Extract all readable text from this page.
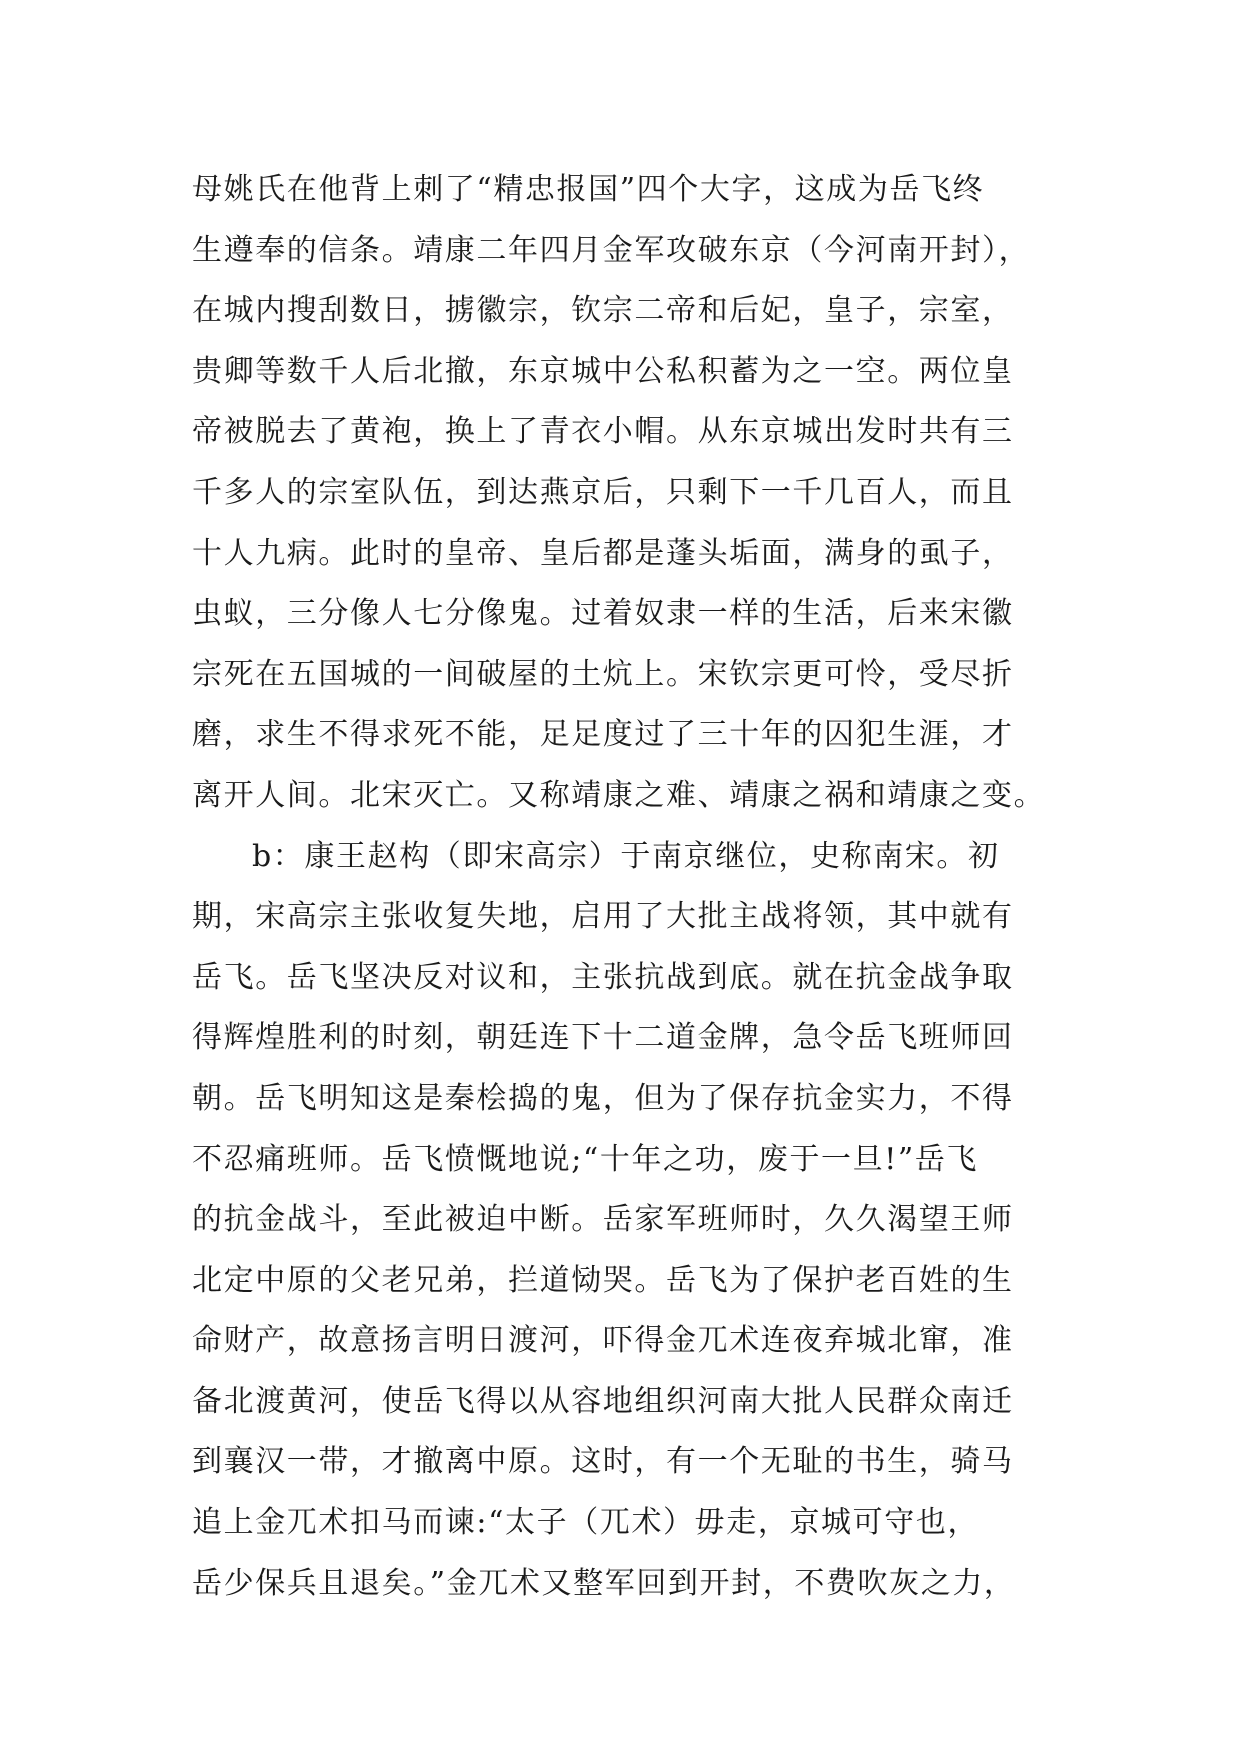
母姚氏在他背上刺了“精忠报国”四个大字，这成为岳飞终
生遵奉的信条。靖康二年四月金军攻破东京（今河南开封），
在城内搜刮数日，掳徽宗，钦宗二帝和后妃，皇子，宗室，
贵卿等数千人后北撤，东京城中公私积蓄为之一空。两位皇
帝被脱去了黄袍，换上了青衣小帽。从东京城出发时共有三
千多人的宗室队伍，到达燕京后，只剩下一千几百人，而且
十人九病。此时的皇帝、皇后都是蓬头垢面，满身的虱子，
虫蚁，三分像人七分像鬼。过着奴隶一样的生活，后来宋徽
宗死在五国城的一间破屋的土炕上。宋钦宗更可怜，受尽折
磨，求生不得求死不能，足足度过了三十年的囚犯生涯，才
离开人间。北宋灭亡。又称靖康之难、靖康之祸和靖康之变。
b：康王赵构（即宋高宗）于南京继位，史称南宋。初
期，宋高宗主张收复失地，启用了大批主战将领，其中就有
岳飞。岳飞坚决反对议和，主张抗战到底。就在抗金战争取
得辉煌胜利的时刻，朝廷连下十二道金牌，急令岳飞班师回
朝。岳飞明知这是秦桧捣的鬼，但为了保存抗金实力，不得
不忍痛班师。岳飞愤慨地说;“十年之功，废于一旦!”岳飞
的抗金战斗，至此被迫中断。岳家军班师时，久久渴望王师
北定中原的父老兄弟，拦道恸哭。岳飞为了保护老百姓的生
命财产，故意扬言明日渡河，吓得金兀术连夜弃城北窜，准
备北渡黄河，使岳飞得以从容地组织河南大批人民群众南迁
到襄汉一带，才撤离中原。这时，有一个无耻的书生，骑马
追上金兀术扣马而谏:“太子（兀术）毋走，京城可守也，
岳少保兵且退矣。”金兀术又整军回到开封，不费吹灰之力，
